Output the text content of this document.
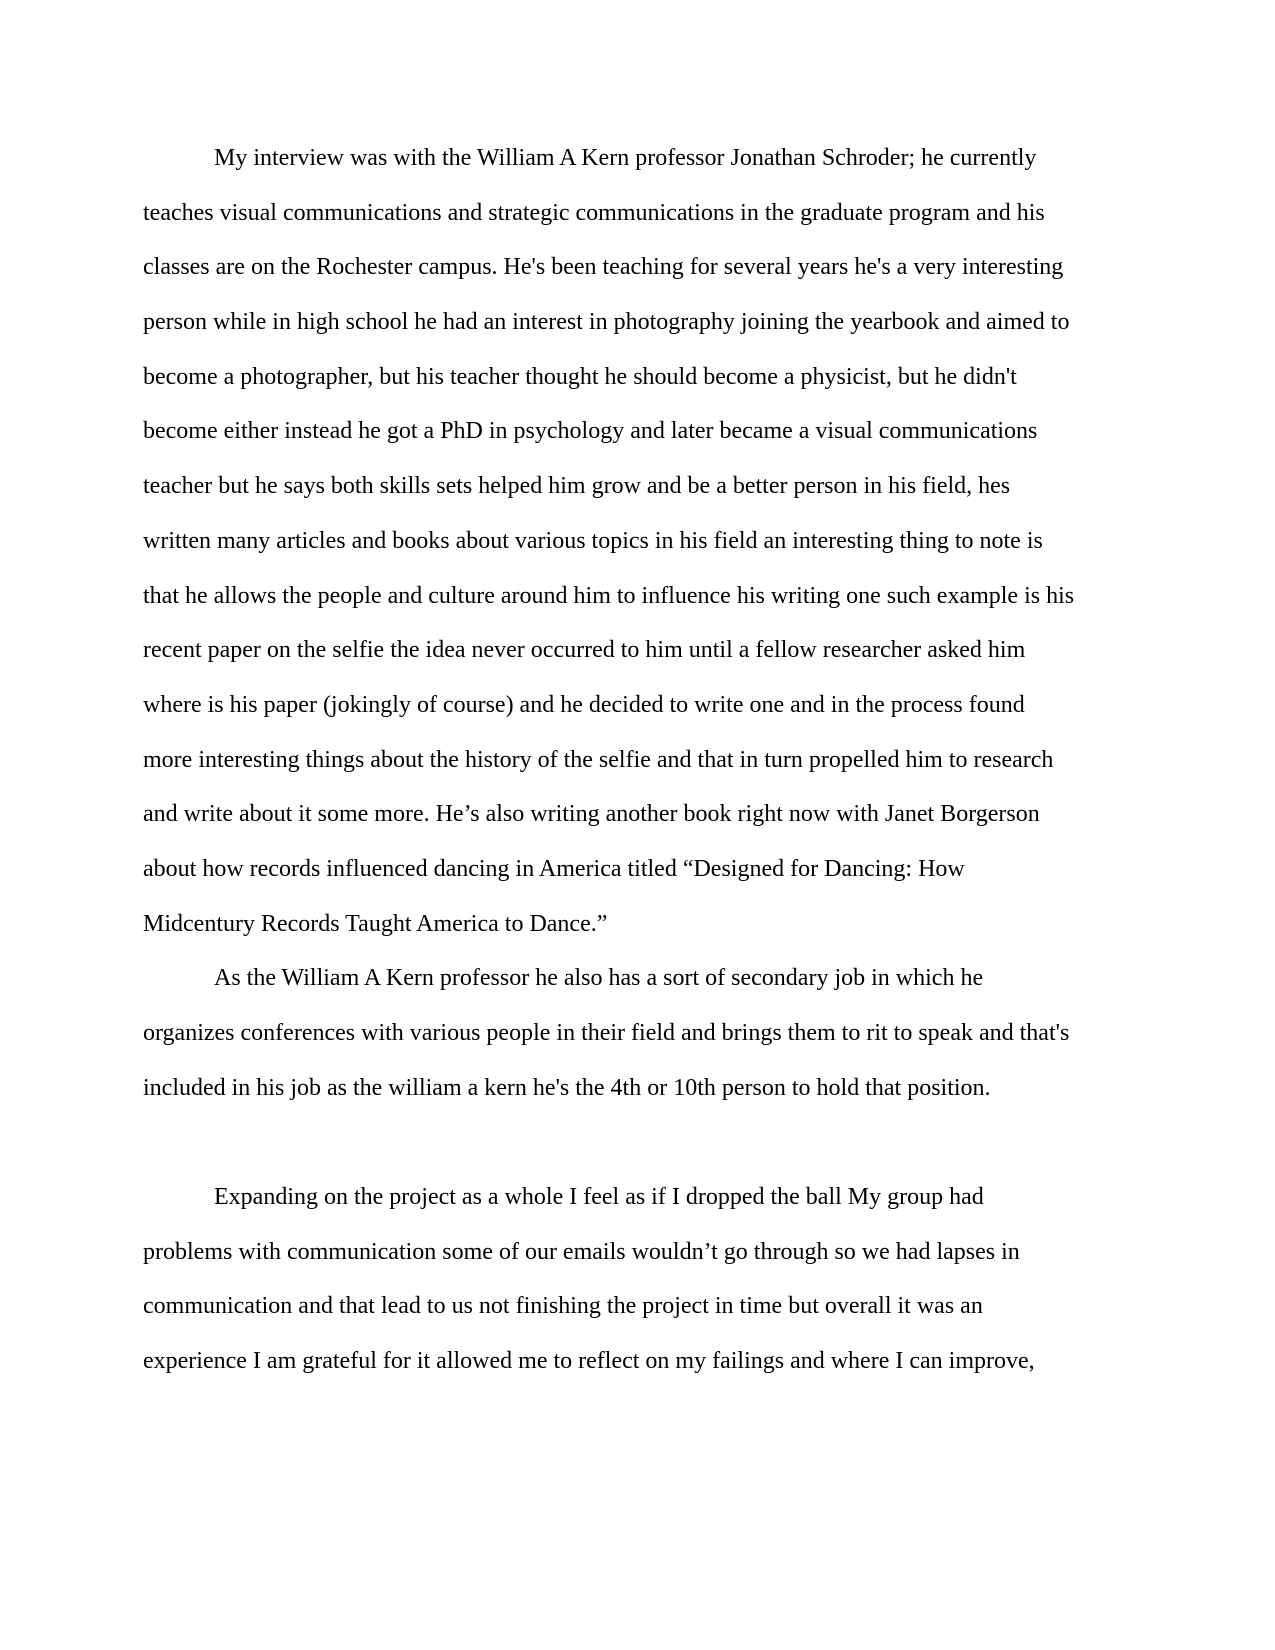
My interview was with the William A Kern professor Jonathan Schroder; he currently
teaches visual communications and strategic communications in the graduate program and his
classes are on the Rochester campus. He's been teaching for several years he's a very interesting
person while in high school he had an interest in photography joining the yearbook and aimed to
become a photographer, but his teacher thought he should become a physicist, but he didn't
become either instead he got a PhD in psychology and later became a visual communications
teacher but he says both skills sets helped him grow and be a better person in his field, hes
written many articles and books about various topics in his field an interesting thing to note is
that he allows the people and culture around him to influence his writing one such example is his
recent paper on the selfie the idea never occurred to him until a fellow researcher asked him
where is his paper (jokingly of course) and he decided to write one and in the process found
more interesting things about the history of the selfie and that in turn propelled him to research
and write about it some more. He’s also writing another book right now with Janet Borgerson
about how records influenced dancing in America titled “Designed for Dancing: How
Midcentury Records Taught America to Dance.”
As the William A Kern professor he also has a sort of secondary job in which he
organizes conferences with various people in their field and brings them to rit to speak and that's
included in his job as the william a kern he's the 4th or 10th person to hold that position.
Expanding on the project as a whole I feel as if I dropped the ball My group had
problems with communication some of our emails wouldn’t go through so we had lapses in
communication and that lead to us not finishing the project in time but overall it was an
experience I am grateful for it allowed me to reflect on my failings and where I can improve,
